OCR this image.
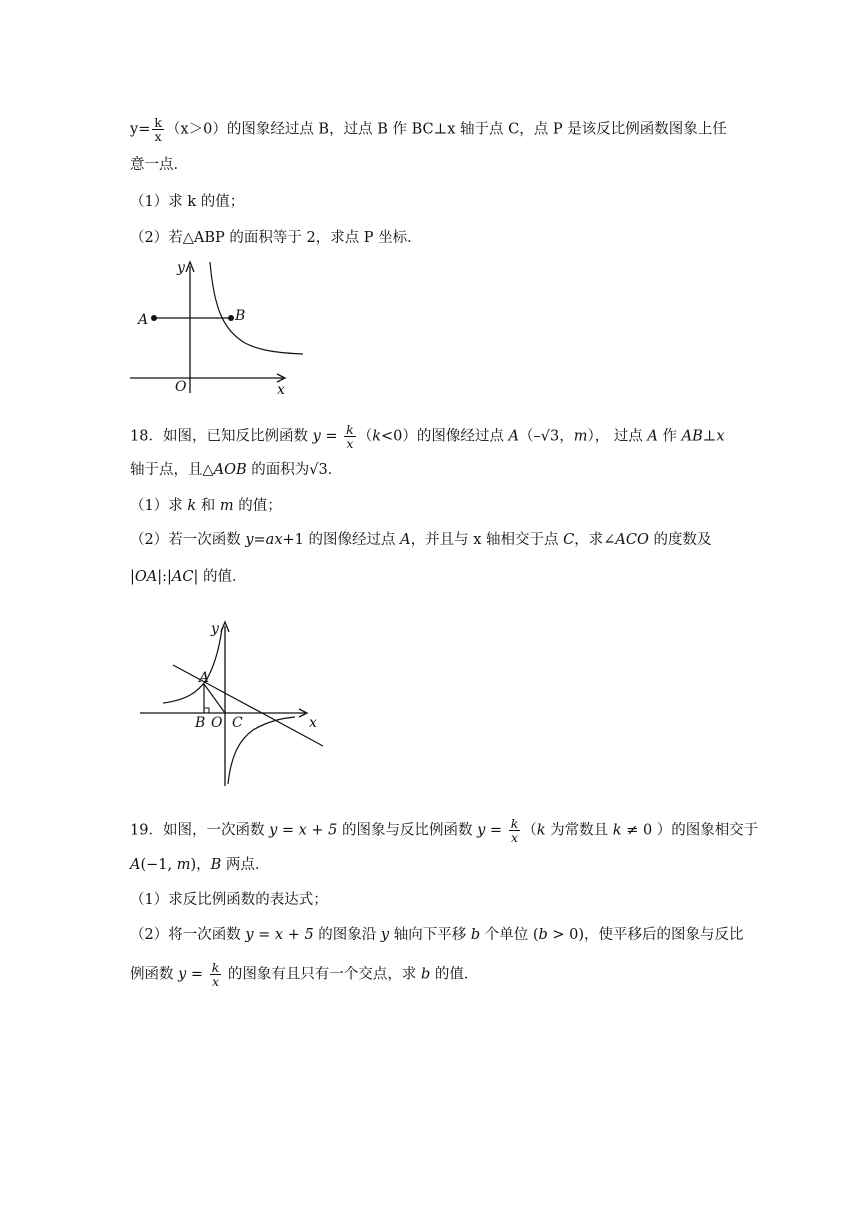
$y= \frac{k}{x} (x>0)$的图象经过点 B，过点 B 作 BC⊥x 轴于点 C，点 P 是该反比例函数图象上任
意一点．
（1）求 k 的值；
（2）若△ABP 的面积等于 2，求点 P 坐标．
y
A	B
O	x
18．如图，已知反比例函数 $y = \frac{k}{x} (k<0)$的图像经过点 A（–√3，m）， 过点 A 作 AB⊥x
轴于点，且△AOB 的面积为√3．
（1）求 k 和 m 的值；
（2）若一次函数 y=ax+1 的图像经过点 A，并且与 x 轴相交于点 C，求∠ACO 的度数及
|OA|:|AC| 的值．
y
A
B O C	x
19．如图，一次函数 y = x + 5 的图象与反比例函数 $y = \frac{k}{x} (k$ 为常数且 k ≠ 0 ）的图象相交于
A(−1, m)，B 两点．
（1）求反比例函数的表达式；
（2）将一次函数 y = x + 5 的图象沿 y 轴向下平移 b 个单位 (b > 0)，使平移后的图象与反比
例函数 $y = \frac{k}{x}$ 的图象有且只有一个交点，求 b 的值．
